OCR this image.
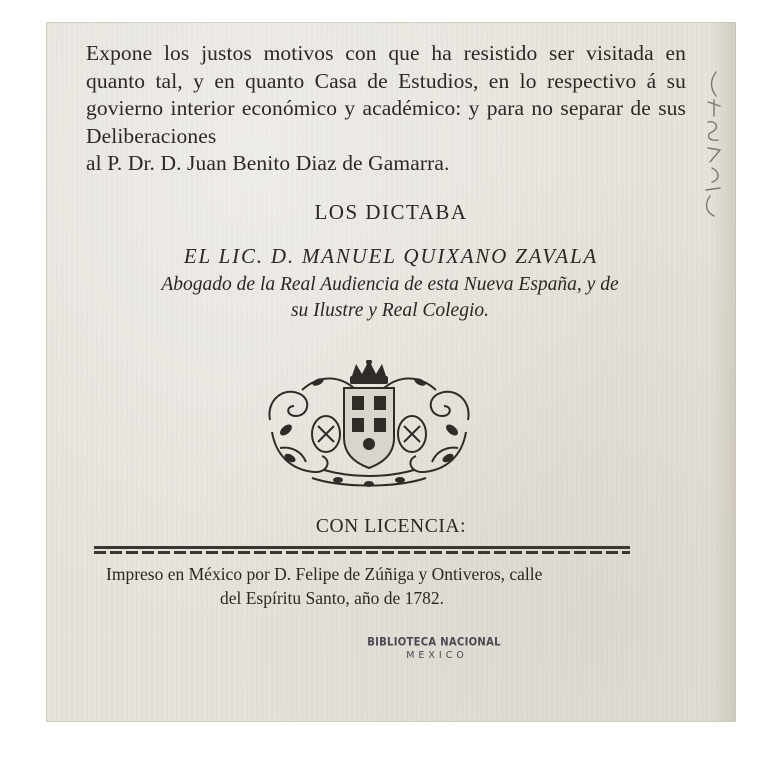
Expone los justos motivos con que ha resistido ser visitada en quanto tal, y en quanto Casa de Estudios, en lo respectivo á su govierno interior económico y académico: y para no separar de sus Deliberaciones
al P. Dr. D. Juan Benito Diaz de Gamarra.

LOS DICTABA
EL LIC. D. MANUEL QUIXANO ZAVALA
Abogado de la Real Audiencia de esta Nueva España, y de
su Ilustre y Real Colegio.
CON LICENCIA:
Impreso en México por D. Felipe de Zúñiga y Ontiveros, calle
del Espíritu Santo, año de 1782.
BIBLIOTECA NACIONAL
MEXICO
